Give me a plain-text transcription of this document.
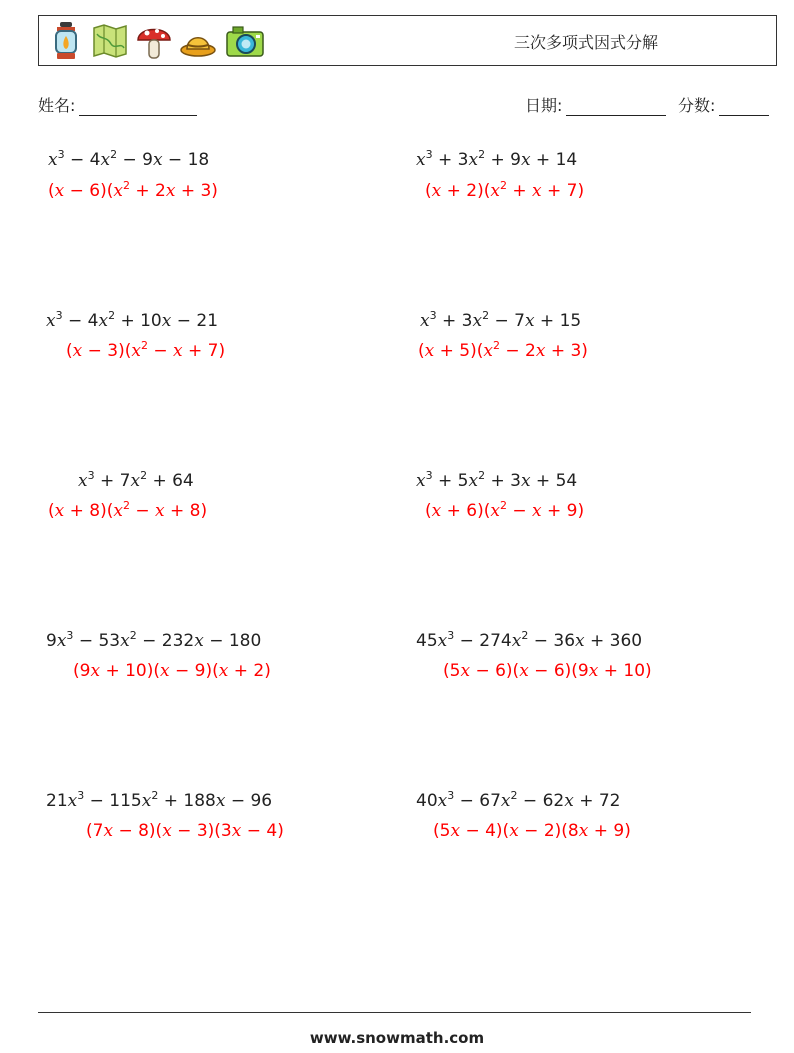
三次多项式因式分解
姓名:	日期:	分数:
$x^3 - 4x^2 - 9x - 18$
$(x - 6)(x^2 + 2x + 3)$
$x^3 + 3x^2 + 9x + 14$
$(x + 2)(x^2 + x + 7)$
$x^3 - 4x^2 + 10x - 21$
$(x - 3)(x^2 - x + 7)$
$x^3 + 3x^2 - 7x + 15$
$(x + 5)(x^2 - 2x + 3)$
$x^3 + 7x^2 + 64$
$(x + 8)(x^2 - x + 8)$
$x^3 + 5x^2 + 3x + 54$
$(x + 6)(x^2 - x + 9)$
$9x^3 - 53x^2 - 232x - 180$
(9x + 10)(x − 9)(x + 2)
$45x^3 - 274x^2 - 36x + 360$
(5x − 6)(x − 6)(9x + 10)
$21x^3 - 115x^2 + 188x - 96$
(7x − 8)(x − 3)(3x − 4)
$40x^3 - 67x^2 - 62x + 72$
(5x − 4)(x − 2)(8x + 9)
www.snowmath.com
